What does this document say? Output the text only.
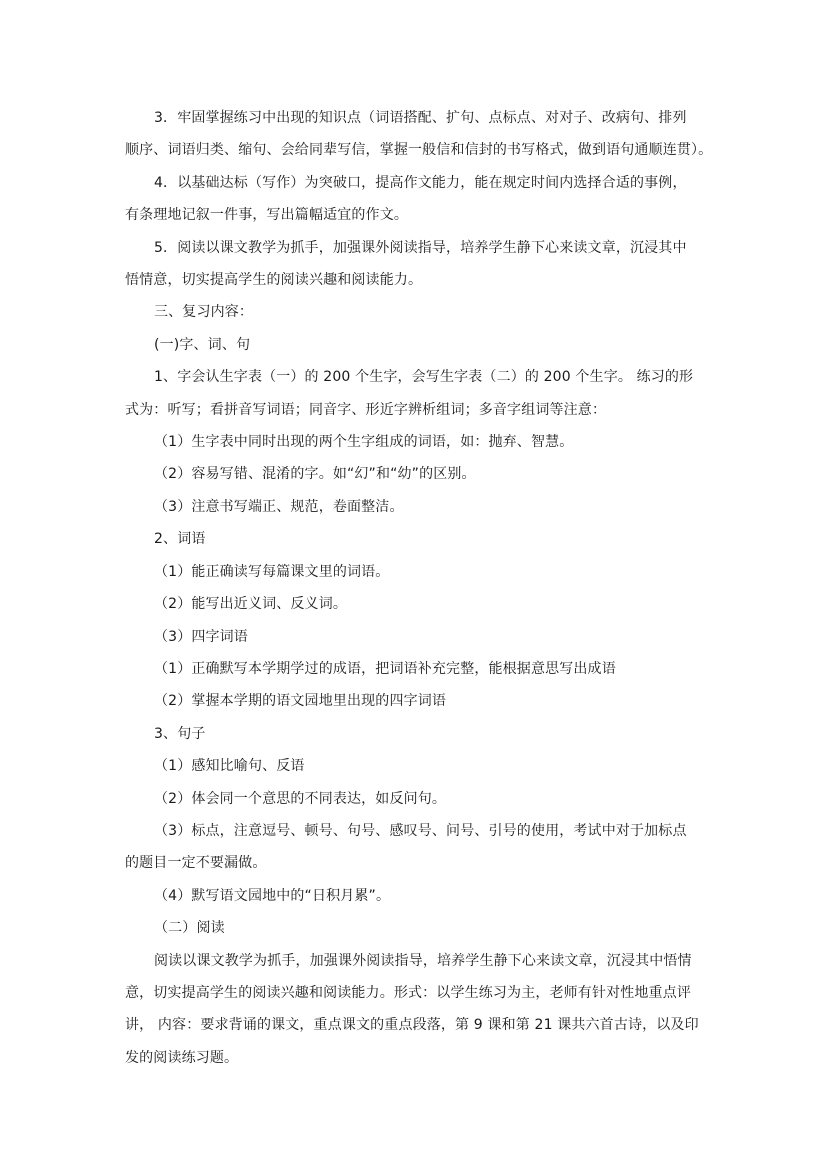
3．牢固掌握练习中出现的知识点（词语搭配、扩句、点标点、对对子、改病句、排列

顺序、词语归类、缩句、会给同辈写信，掌握一般信和信封的书写格式，做到语句通顺连贯）。

4．以基础达标（写作）为突破口，提高作文能力，能在规定时间内选择合适的事例，

有条理地记叙一件事，写出篇幅适宜的作文。

5．阅读以课文教学为抓手，加强课外阅读指导，培养学生静下心来读文章，沉浸其中

悟情意，切实提高学生的阅读兴趣和阅读能力。

三、复习内容：

(一)字、词、句

1、字会认生字表（一）的 200 个生字，会写生字表（二）的 200 个生字。 练习的形

式为：听写；看拼音写词语；同音字、形近字辨析组词；多音字组词等注意：

（1）生字表中同时出现的两个生字组成的词语，如：抛弃、智慧。

（2）容易写错、混淆的字。如“幻”和“幼”的区别。

（3）注意书写端正、规范，卷面整洁。

2、词语

（1）能正确读写每篇课文里的词语。

（2）能写出近义词、反义词。

（3）四字词语

（1）正确默写本学期学过的成语，把词语补充完整，能根据意思写出成语

（2）掌握本学期的语文园地里出现的四字词语

3、句子

（1）感知比喻句、反语

（2）体会同一个意思的不同表达，如反问句。

（3）标点，注意逗号、顿号、句号、感叹号、问号、引号的使用，考试中对于加标点

的题目一定不要漏做。

（4）默写语文园地中的“日积月累”。

（二）阅读

阅读以课文教学为抓手，加强课外阅读指导，培养学生静下心来读文章，沉浸其中悟情

意，切实提高学生的阅读兴趣和阅读能力。形式：以学生练习为主，老师有针对性地重点评

讲， 内容：要求背诵的课文，重点课文的重点段落，第 9 课和第 21 课共六首古诗，以及印

发的阅读练习题。
